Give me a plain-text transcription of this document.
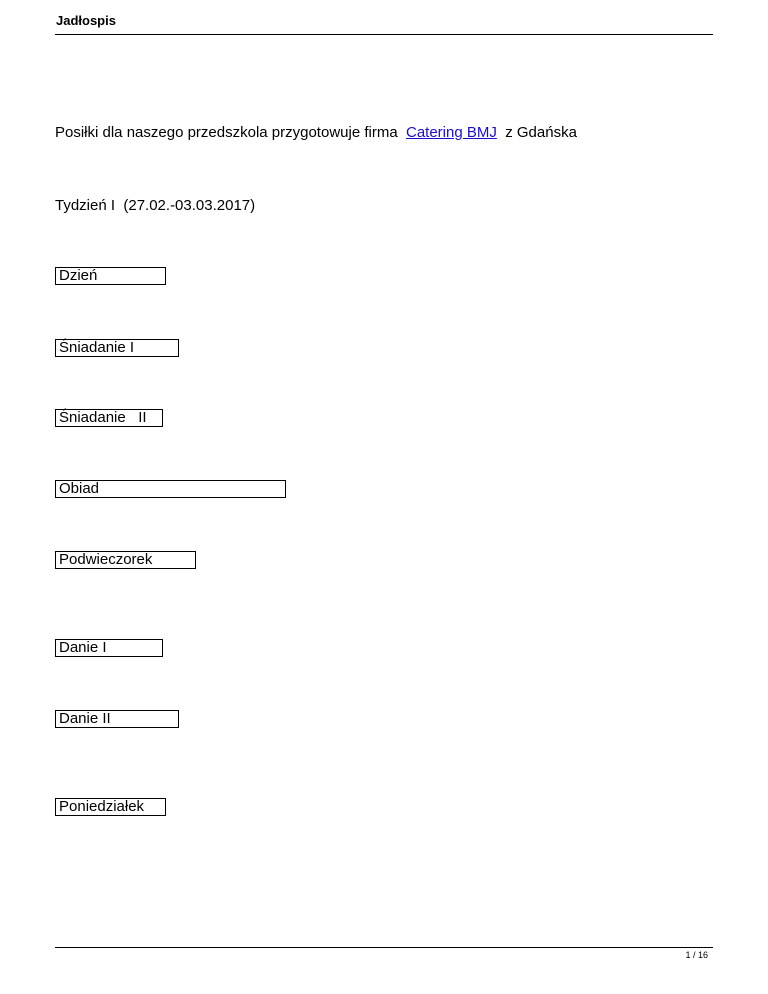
Jadłospis
Posiłki dla naszego przedszkola przygotowuje firma  Catering BMJ  z Gdańska
Tydzień I  (27.02.-03.03.2017)
Dzień
Śniadanie I
Śniadanie   II
Obiad
Podwieczorek
Danie I
Danie II
Poniedziałek
1 / 16
